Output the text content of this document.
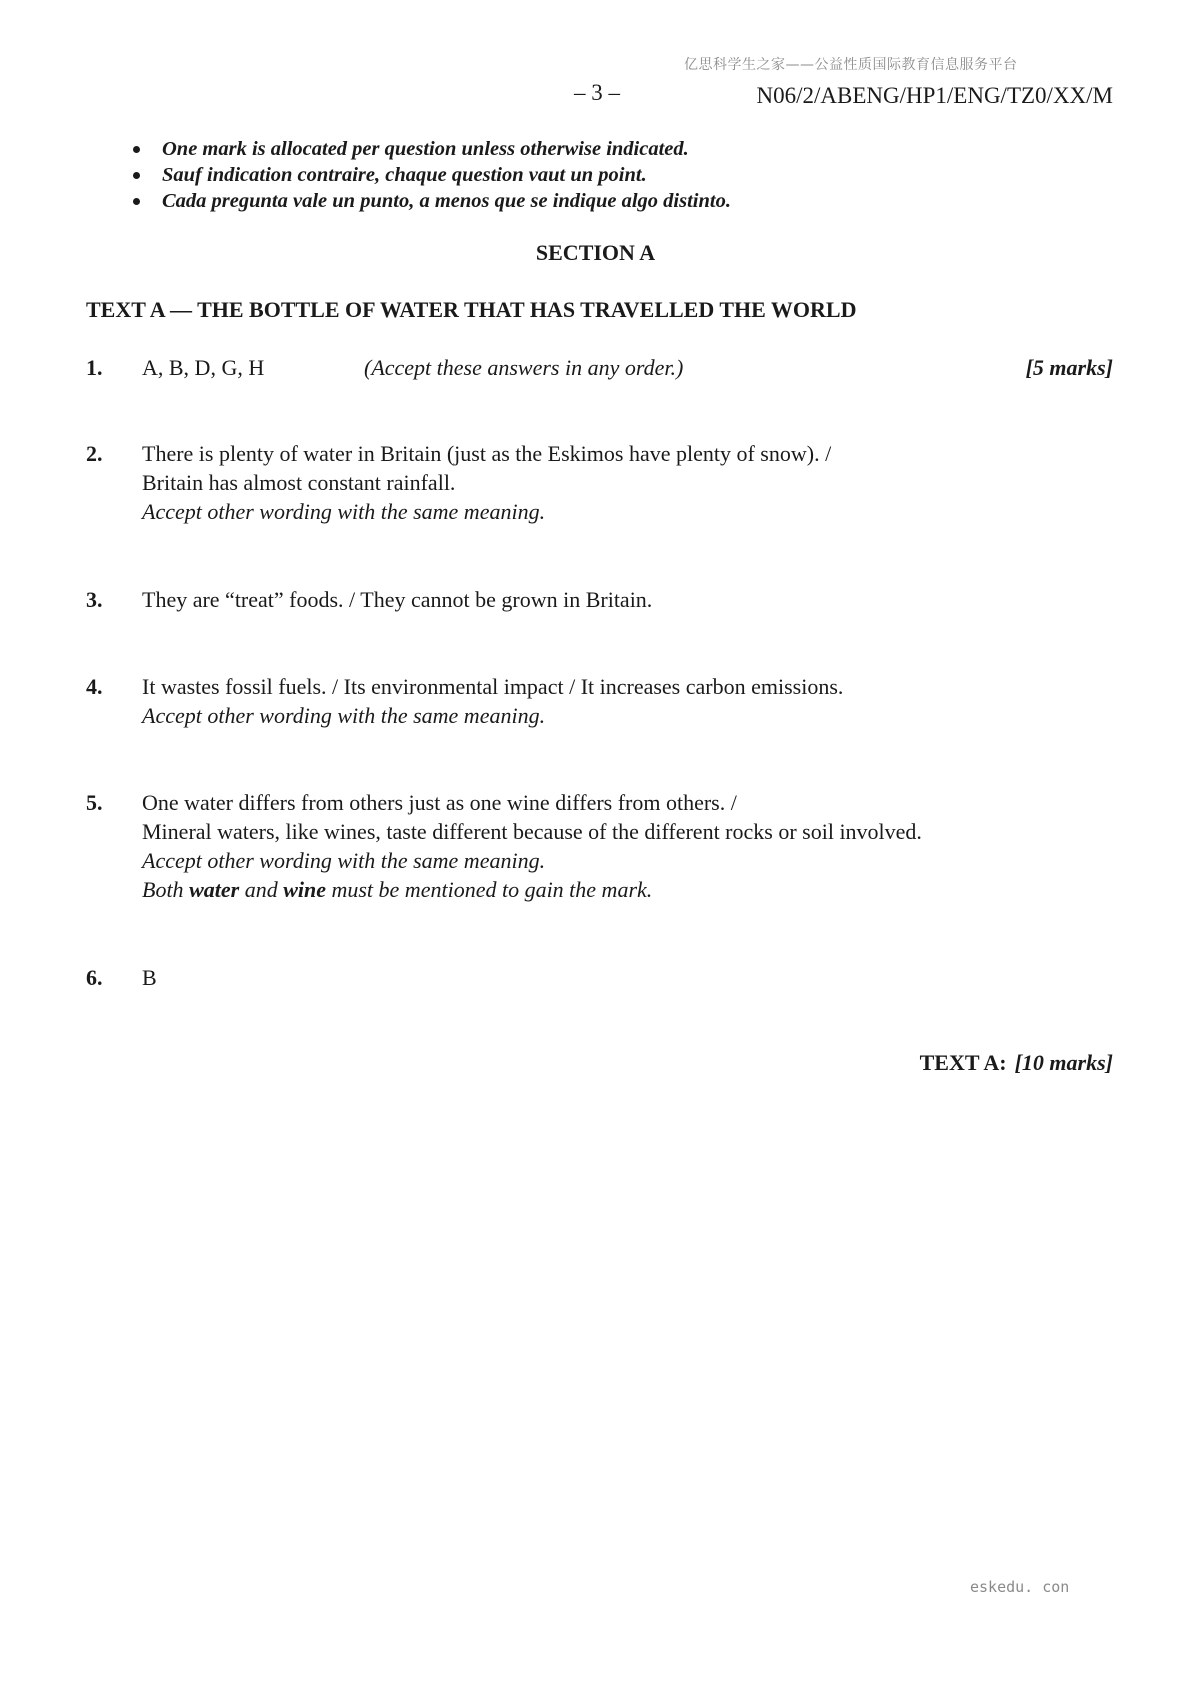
亿思科学生之家——公益性质国际教育信息服务平台
– 3 –	N06/2/ABENG/HP1/ENG/TZ0/XX/M
One mark is allocated per question unless otherwise indicated.
Sauf indication contraire, chaque question vaut un point.
Cada pregunta vale un punto, a menos que se indique algo distinto.
SECTION A
TEXT A — THE BOTTLE OF WATER THAT HAS TRAVELLED THE WORLD
1. A, B, D, G, H	(Accept these answers in any order.)	[5 marks]
2. There is plenty of water in Britain (just as the Eskimos have plenty of snow). /
Britain has almost constant rainfall.
Accept other wording with the same meaning.
3. They are “treat” foods. / They cannot be grown in Britain.
4. It wastes fossil fuels. / Its environmental impact / It increases carbon emissions.
Accept other wording with the same meaning.
5. One water differs from others just as one wine differs from others. /
Mineral waters, like wines, taste different because of the different rocks or soil involved.
Accept other wording with the same meaning.
Both water and wine must be mentioned to gain the mark.
6. B
TEXT A: [10 marks]
eskedu. con
